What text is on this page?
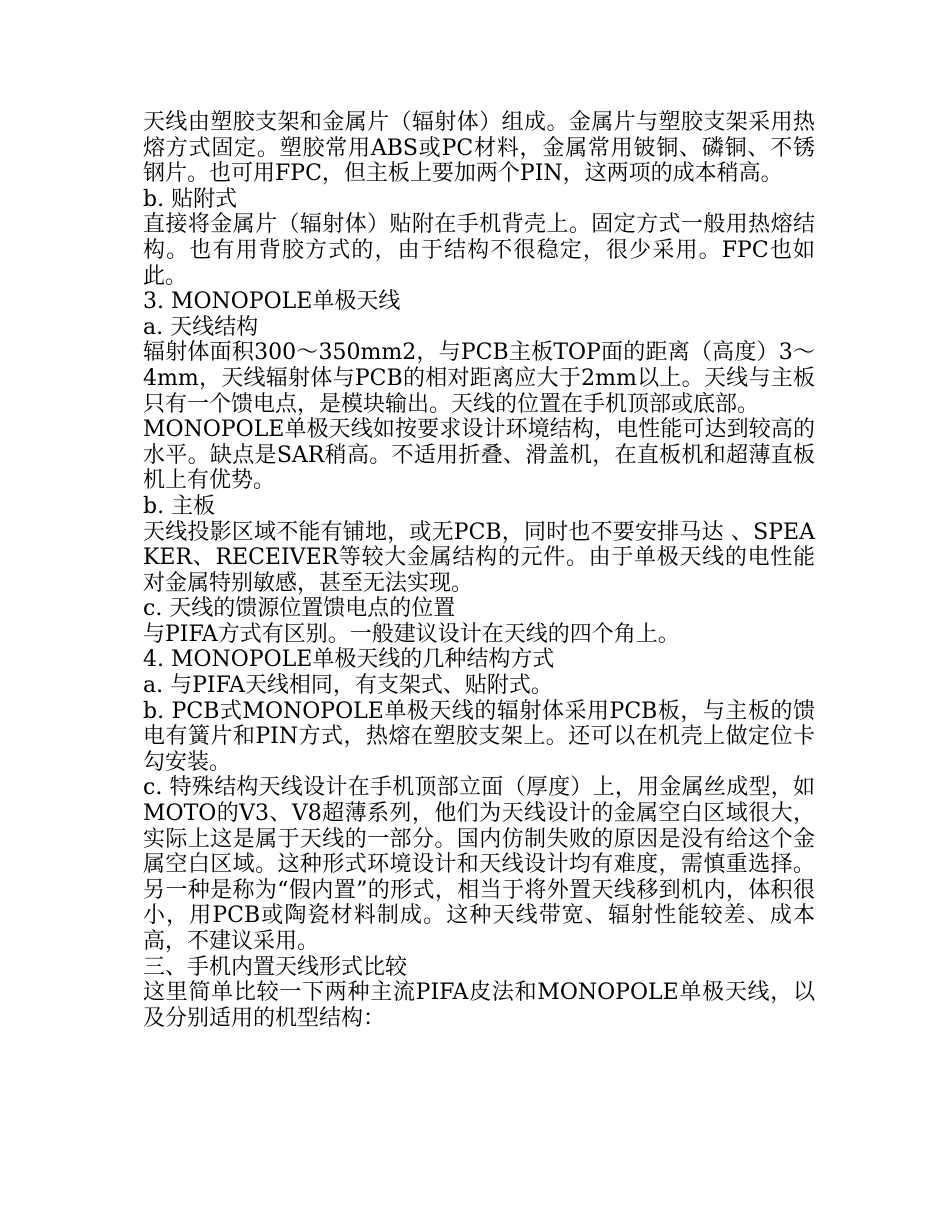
天线由塑胶支架和金属片（辐射体）组成。金属片与塑胶支架采用热熔方式固定。塑胶常用ABS或PC材料，金属常用铍铜、磷铜、不锈钢片。也可用FPC，但主板上要加两个PIN，这两项的成本稍高。

b. 贴附式

直接将金属片（辐射体）贴附在手机背壳上。固定方式一般用热熔结构。也有用背胶方式的，由于结构不很稳定，很少采用。FPC也如此。

3. MONOPOLE单极天线

a. 天线结构

辐射体面积300～350mm2，与PCB主板TOP面的距离（高度）3～4mm，天线辐射体与PCB的相对距离应大于2mm以上。天线与主板只有一个馈电点，是模块输出。天线的位置在手机顶部或底部。

MONOPOLE单极天线如按要求设计环境结构，电性能可达到较高的水平。缺点是SAR稍高。不适用折叠、滑盖机，在直板机和超薄直板机上有优势。

b. 主板

天线投影区域不能有铺地，或无PCB，同时也不要安排马达 、SPEAKER、RECEIVER等较大金属结构的元件。由于单极天线的电性能对金属特别敏感，甚至无法实现。

c. 天线的馈源位置馈电点的位置

与PIFA方式有区别。一般建议设计在天线的四个角上。

4. MONOPOLE单极天线的几种结构方式

a. 与PIFA天线相同，有支架式、贴附式。

b. PCB式MONOPOLE单极天线的辐射体采用PCB板，与主板的馈电有簧片和PIN方式，热熔在塑胶支架上。还可以在机壳上做定位卡勾安装。

c. 特殊结构天线设计在手机顶部立面（厚度）上，用金属丝成型，如MOTO的V3、V8超薄系列，他们为天线设计的金属空白区域很大，实际上这是属于天线的一部分。国内仿制失败的原因是没有给这个金属空白区域。这种形式环境设计和天线设计均有难度，需慎重选择。另一种是称为“假内置”的形式，相当于将外置天线移到机内，体积很小，用PCB或陶瓷材料制成。这种天线带宽、辐射性能较差、成本高，不建议采用。

三、手机内置天线形式比较

这里简单比较一下两种主流PIFA皮法和MONOPOLE单极天线，以及分别适用的机型结构：
